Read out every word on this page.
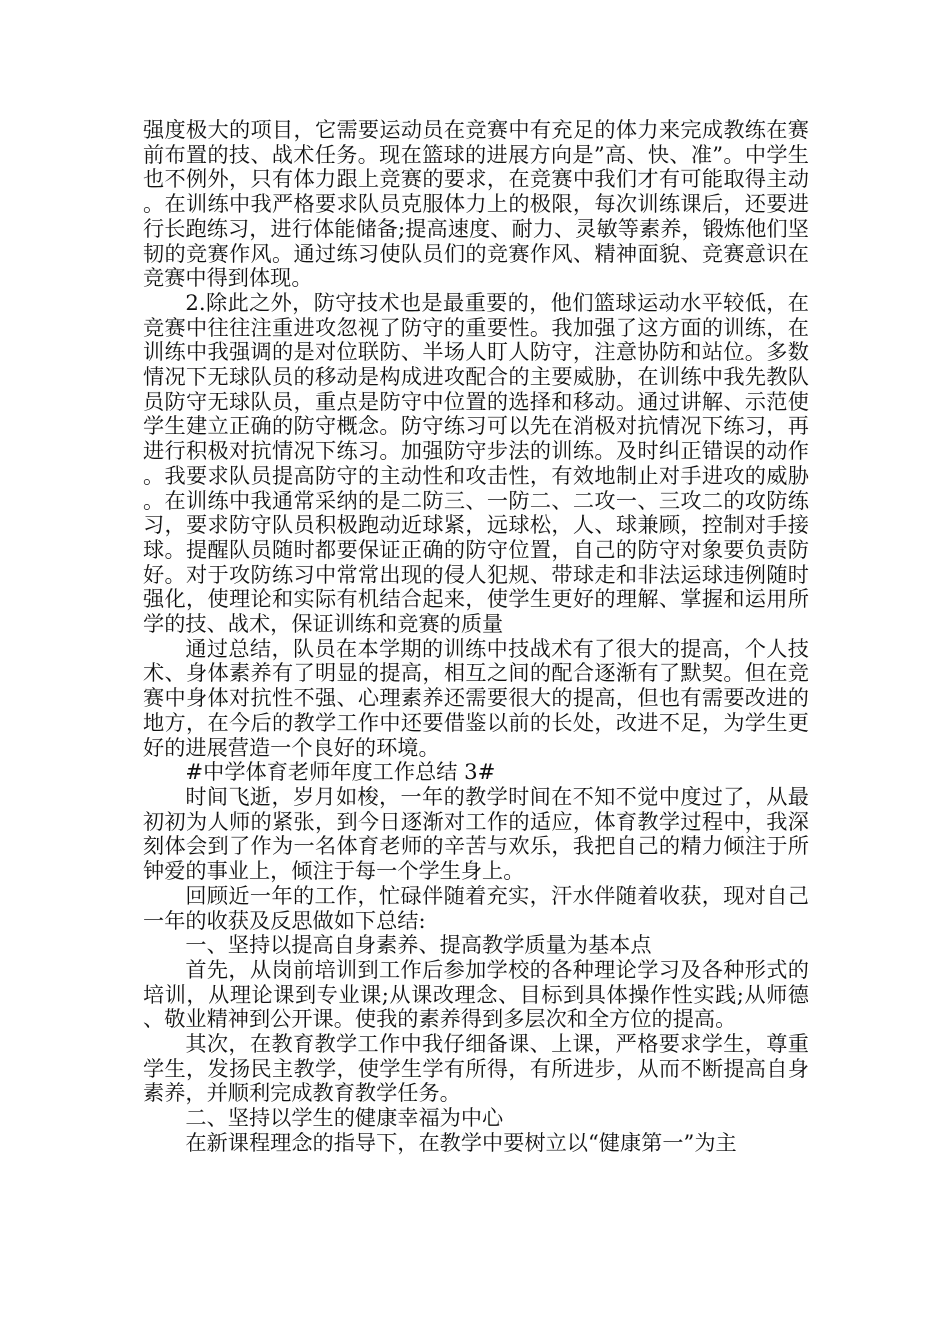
强度极大的项目，它需要运动员在竞赛中有充足的体力来完成教练在赛前布置的技、战术任务。现在篮球的进展方向是”高、快、准”。中学生也不例外，只有体力跟上竞赛的要求，在竞赛中我们才有可能取得主动。在训练中我严格要求队员克服体力上的极限，每次训练课后，还要进行长跑练习，进行体能储备;提高速度、耐力、灵敏等素养，锻炼他们坚韧的竞赛作风。通过练习使队员们的竞赛作风、精神面貌、竞赛意识在竞赛中得到体现。

2.除此之外，防守技术也是最重要的，他们篮球运动水平较低，在竞赛中往往注重进攻忽视了防守的重要性。我加强了这方面的训练，在训练中我强调的是对位联防、半场人盯人防守，注意协防和站位。多数情况下无球队员的移动是构成进攻配合的主要威胁，在训练中我先教队员防守无球队员，重点是防守中位置的选择和移动。通过讲解、示范使学生建立正确的防守概念。防守练习可以先在消极对抗情况下练习，再进行积极对抗情况下练习。加强防守步法的训练。及时纠正错误的动作。我要求队员提高防守的主动性和攻击性，有效地制止对手进攻的威胁。在训练中我通常采纳的是二防三、一防二、二攻一、三攻二的攻防练习，要求防守队员积极跑动近球紧，远球松，人、球兼顾，控制对手接球。提醒队员随时都要保证正确的防守位置，自己的防守对象要负责防好。对于攻防练习中常常出现的侵人犯规、带球走和非法运球违例随时强化，使理论和实际有机结合起来，使学生更好的理解、掌握和运用所学的技、战术，保证训练和竞赛的质量

通过总结，队员在本学期的训练中技战术有了很大的提高，个人技术、身体素养有了明显的提高，相互之间的配合逐渐有了默契。但在竞赛中身体对抗性不强、心理素养还需要很大的提高，但也有需要改进的地方，在今后的教学工作中还要借鉴以前的长处，改进不足，为学生更好的进展营造一个良好的环境。

#中学体育老师年度工作总结 3#

时间飞逝，岁月如梭，一年的教学时间在不知不觉中度过了，从最初初为人师的紧张，到今日逐渐对工作的适应，体育教学过程中，我深刻体会到了作为一名体育老师的辛苦与欢乐，我把自己的精力倾注于所钟爱的事业上，倾注于每一个学生身上。

回顾近一年的工作，忙碌伴随着充实，汗水伴随着收获，现对自己一年的收获及反思做如下总结:

一、坚持以提高自身素养、提高教学质量为基本点

首先，从岗前培训到工作后参加学校的各种理论学习及各种形式的培训，从理论课到专业课;从课改理念、目标到具体操作性实践;从师德、敬业精神到公开课。使我的素养得到多层次和全方位的提高。

其次，在教育教学工作中我仔细备课、上课，严格要求学生，尊重学生，发扬民主教学，使学生学有所得，有所进步，从而不断提高自身素养，并顺利完成教育教学任务。

二、坚持以学生的健康幸福为中心

在新课程理念的指导下，在教学中要树立以“健康第一”为主
